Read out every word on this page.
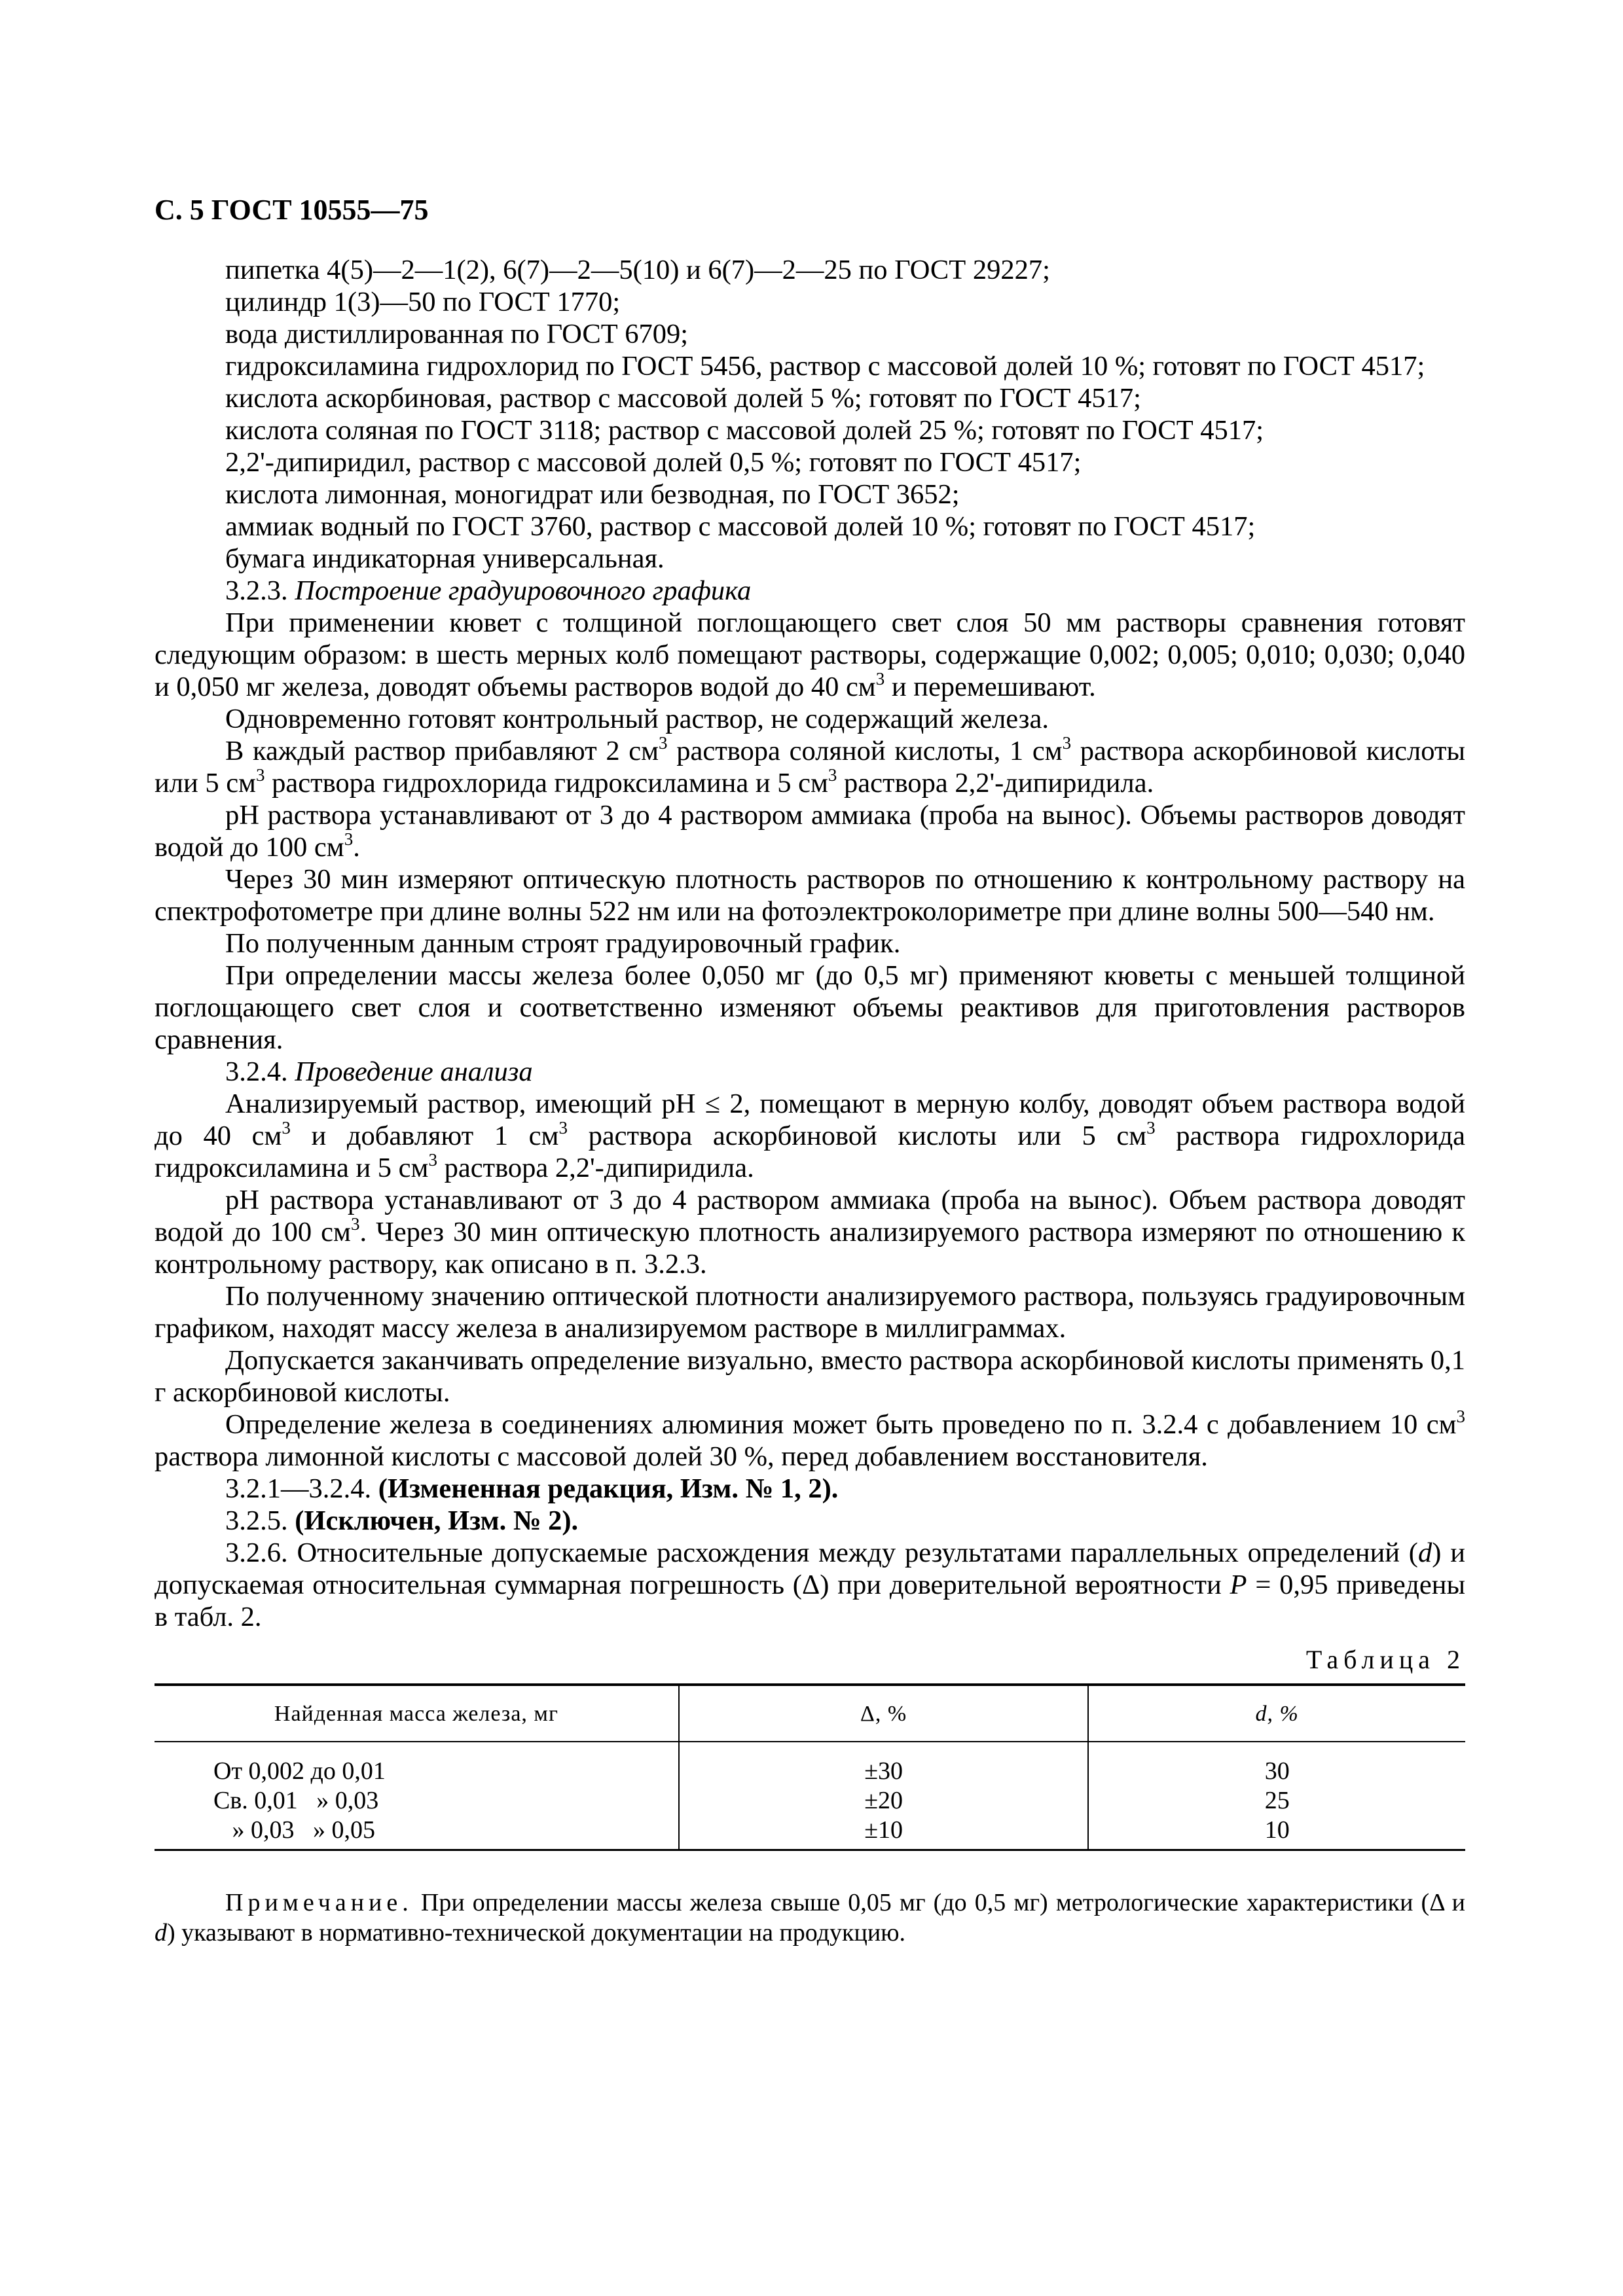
С. 5 ГОСТ 10555—75

пипетка 4(5)—2—1(2), 6(7)—2—5(10) и 6(7)—2—25 по ГОСТ 29227;

цилиндр 1(3)—50 по ГОСТ 1770;

вода дистиллированная по ГОСТ 6709;

гидроксиламина гидрохлорид по ГОСТ 5456, раствор с массовой долей 10 %; готовят по ГОСТ 4517;

кислота аскорбиновая, раствор с массовой долей 5 %; готовят по ГОСТ 4517;

кислота соляная по ГОСТ 3118; раствор с массовой долей 25 %; готовят по ГОСТ 4517;

2,2'-дипиридил, раствор с массовой долей 0,5 %; готовят по ГОСТ 4517;

кислота лимонная, моногидрат или безводная, по ГОСТ 3652;

аммиак водный по ГОСТ 3760, раствор с массовой долей 10 %; готовят по ГОСТ 4517;

бумага индикаторная универсальная.

3.2.3. Построение градуировочного графика

При применении кювет с толщиной поглощающего свет слоя 50 мм растворы сравнения готовят следующим образом: в шесть мерных колб помещают растворы, содержащие 0,002; 0,005; 0,010; 0,030; 0,040 и 0,050 мг железа, доводят объемы растворов водой до 40 $см^3$ и перемешивают.

Одновременно готовят контрольный раствор, не содержащий железа.

В каждый раствор прибавляют 2 $см^3$ раствора соляной кислоты, 1 $см^3$ раствора аскорбиновой кислоты или 5 $см^3$ раствора гидрохлорида гидроксиламина и 5 $см^3$ раствора 2,2'-дипиридила.

рН раствора устанавливают от 3 до 4 раствором аммиака (проба на вынос). Объемы растворов доводят водой до 100 $см^3$.

Через 30 мин измеряют оптическую плотность растворов по отношению к контрольному раствору на спектрофотометре при длине волны 522 нм или на фотоэлектроколориметре при длине волны 500—540 нм.

По полученным данным строят градуировочный график.

При определении массы железа более 0,050 мг (до 0,5 мг) применяют кюветы с меньшей толщиной поглощающего свет слоя и соответственно изменяют объемы реактивов для приготовления растворов сравнения.

3.2.4. Проведение анализа

Анализируемый раствор, имеющий рН ≤ 2, помещают в мерную колбу, доводят объем раствора водой до 40 $см^3$ и добавляют 1 $см^3$ раствора аскорбиновой кислоты или 5 $см^3$ раствора гидрохлорида гидроксиламина и 5 $см^3$ раствора 2,2'-дипиридила.

рН раствора устанавливают от 3 до 4 раствором аммиака (проба на вынос). Объем раствора доводят водой до 100 $см^3$. Через 30 мин оптическую плотность анализируемого раствора измеряют по отношению к контрольному раствору, как описано в п. 3.2.3.

По полученному значению оптической плотности анализируемого раствора, пользуясь градуировочным графиком, находят массу железа в анализируемом растворе в миллиграммах.

Допускается заканчивать определение визуально, вместо раствора аскорбиновой кислоты применять 0,1 г аскорбиновой кислоты.

Определение железа в соединениях алюминия может быть проведено по п. 3.2.4 с добавлением 10 $см^3$ раствора лимонной кислоты с массовой долей 30 %, перед добавлением восстановителя.

3.2.1—3.2.4. (Измененная редакция, Изм. № 1, 2).

3.2.5. (Исключен, Изм. № 2).

3.2.6. Относительные допускаемые расхождения между результатами параллельных определений (d) и допускаемая относительная суммарная погрешность (Δ) при доверительной вероятности P = 0,95 приведены в табл. 2.

Таблица 2
Найденная масса железа, мг	Δ, %	d, %
От 0,002 до 0,01	±30	30
Св. 0,01   » 0,03	±20	25
» 0,03   » 0,05	±10	10

Примечание. При определении массы железа свыше 0,05 мг (до 0,5 мг) метрологические характеристики (Δ и d) указывают в нормативно-технической документации на продукцию.
